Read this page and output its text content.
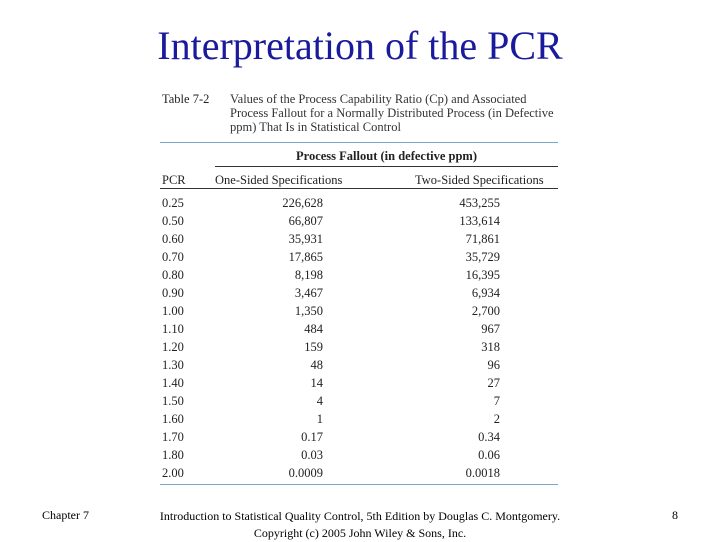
Interpretation of the PCR
Table 7-2 Values of the Process Capability Ratio (Cp) and Associated Process Fallout for a Normally Distributed Process (in Defective ppm) That Is in Statistical Control
Process Fallout (in defective ppm)
PCR One-Sided Specifications	Two-Sided Specifications
0.25	226,628	453,255
0.50	66,807	133,614
0.60	35,931	71,861
0.70	17,865	35,729
0.80	8,198	16,395
0.90	3,467	6,934
1.00	1,350	2,700
1.10	484	967
1.20	159	318
1.30	48	96
1.40	14	27
1.50	4	7
1.60	1	2
1.70	0.17	0.34
1.80	0.03	0.06
2.00	0.0009	0.0018
Chapter 7	Introduction to Statistical Quality Control, 5th Edition by Douglas C. Montgomery.
Copyright (c) 2005 John Wiley & Sons, Inc.
8
